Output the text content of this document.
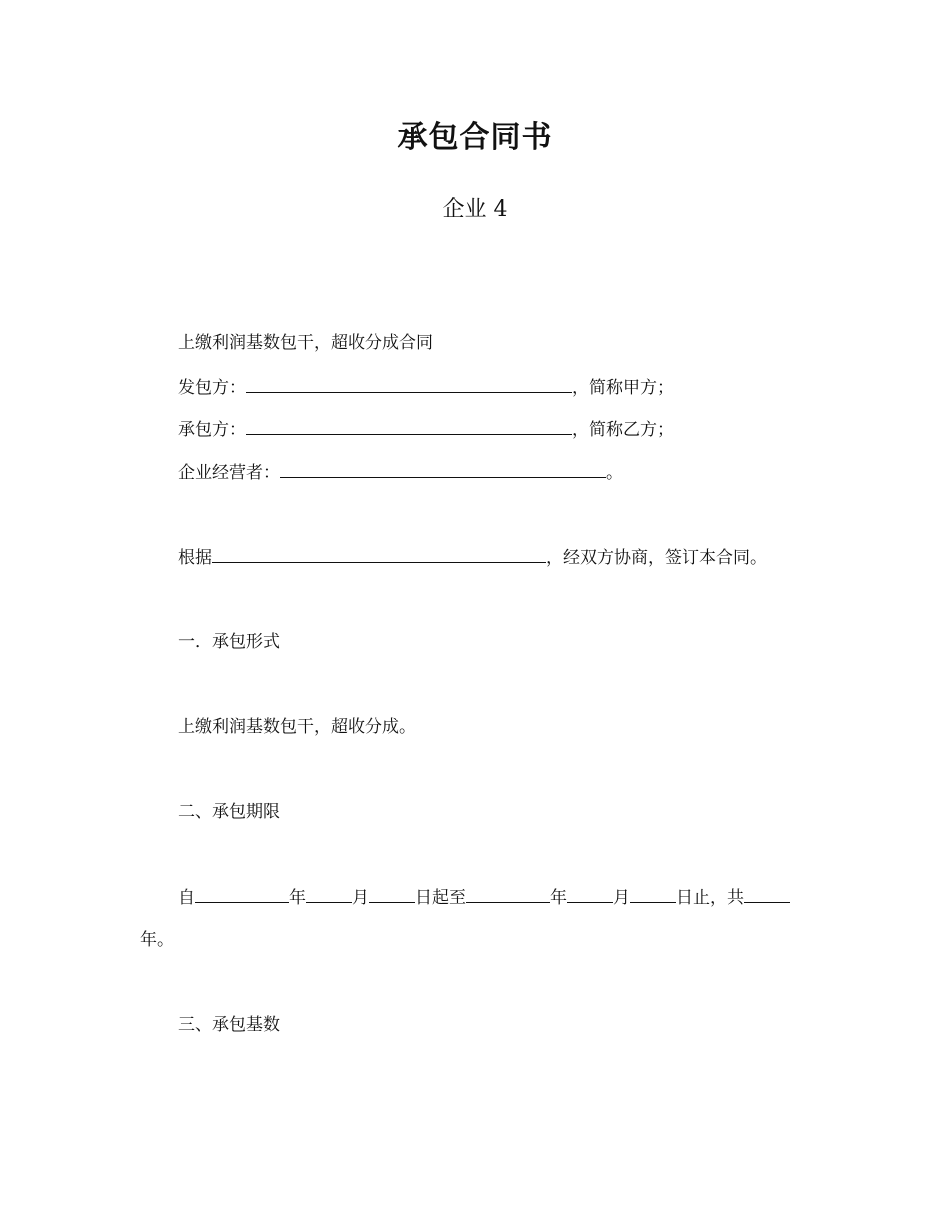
承包合同书
企业 4
上缴利润基数包干，超收分成合同
发包方：	，简称甲方；
承包方：	，简称乙方；
企业经营者：	。
根据	，经双方协商，签订本合同。
一．承包形式
上缴利润基数包干，超收分成。
二、承包期限
自	年	月	日起至	年	月	日止，共
年。
三、承包基数
